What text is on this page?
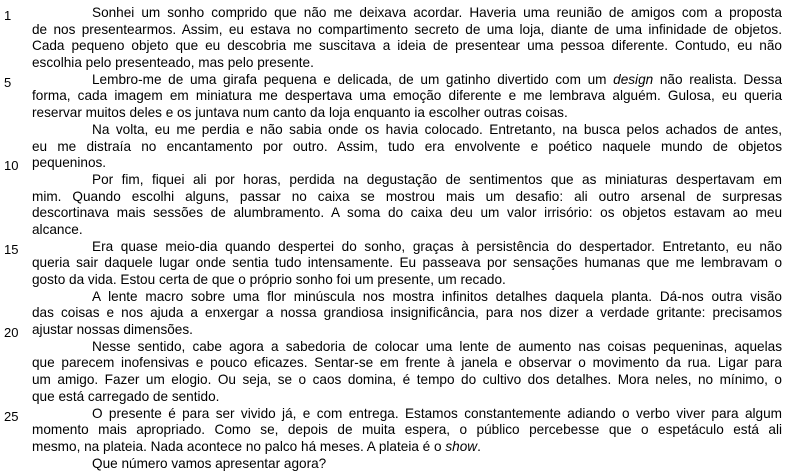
1	Sonhei um sonho comprido que não me deixava acordar. Haveria uma reunião de amigos com a proposta
de nos presentearmos. Assim, eu estava no compartimento secreto de uma loja, diante de uma infinidade de objetos.
Cada pequeno objeto que eu descobria me suscitava a ideia de presentear uma pessoa diferente. Contudo, eu não
escolhia pelo presenteado, mas pelo presente.
5	Lembro-me de uma girafa pequena e delicada, de um gatinho divertido com um design não realista. Dessa
forma, cada imagem em miniatura me despertava uma emoção diferente e me lembrava alguém. Gulosa, eu queria
reservar muitos deles e os juntava num canto da loja enquanto ia escolher outras coisas.
Na volta, eu me perdia e não sabia onde os havia colocado. Entretanto, na busca pelos achados de antes,
eu me distraía no encantamento por outro. Assim, tudo era envolvente e poético naquele mundo de objetos
10 pequeninos.
Por fim, fiquei ali por horas, perdida na degustação de sentimentos que as miniaturas despertavam em
mim. Quando escolhi alguns, passar no caixa se mostrou mais um desafio: ali outro arsenal de surpresas
descortinava mais sessões de alumbramento. A soma do caixa deu um valor irrisório: os objetos estavam ao meu
alcance.
15	Era quase meio-dia quando despertei do sonho, graças à persistência do despertador. Entretanto, eu não
queria sair daquele lugar onde sentia tudo intensamente. Eu passeava por sensações humanas que me lembravam o
gosto da vida. Estou certa de que o próprio sonho foi um presente, um recado.
A lente macro sobre uma flor minúscula nos mostra infinitos detalhes daquela planta. Dá-nos outra visão
das coisas e nos ajuda a enxergar a nossa grandiosa insignificância, para nos dizer a verdade gritante: precisamos
20 ajustar nossas dimensões.
Nesse sentido, cabe agora a sabedoria de colocar uma lente de aumento nas coisas pequeninas, aquelas
que parecem inofensivas e pouco eficazes. Sentar-se em frente à janela e observar o movimento da rua. Ligar para
um amigo. Fazer um elogio. Ou seja, se o caos domina, é tempo do cultivo dos detalhes. Mora neles, no mínimo, o
que está carregado de sentido.
25	O presente é para ser vivido já, e com entrega. Estamos constantemente adiando o verbo viver para algum
momento mais apropriado. Como se, depois de muita espera, o público percebesse que o espetáculo está ali
mesmo, na plateia. Nada acontece no palco há meses. A plateia é o show.
Que número vamos apresentar agora?
